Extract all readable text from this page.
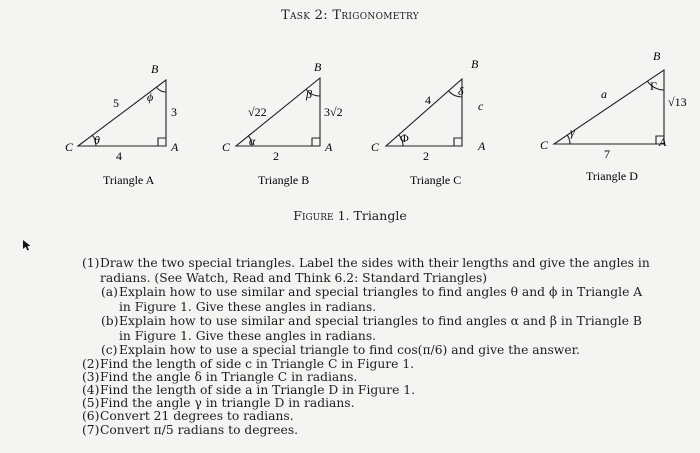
Task 2: Trigonometry
C	A
B
4
3
5
θ
ϕ
Triangle A
C	A
B
2
3√2
√22
α
β
Triangle B
C	A
B
2
c
4
Φ
δ
Triangle C
C	A
B
7
√13
a
γ
Γ
Triangle D
Figure 1. Triangle
(1) Draw the two special triangles. Label the sides with their lengths and give the angles in radians. (See Watch, Read and Think 6.2: Standard Triangles)
(a) Explain how to use similar and special triangles to find angles θ and ϕ in Triangle A in Figure 1. Give these angles in radians.
(b) Explain how to use similar and special triangles to find angles α and β in Triangle B in Figure 1. Give these angles in radians.
(c) Explain how to use a special triangle to find cos(π/6) and give the answer.
(2) Find the length of side c in Triangle C in Figure 1.
(3) Find the angle δ in Triangle C in radians.
(4) Find the length of side a in Triangle D in Figure 1.
(5) Find the angle γ in triangle D in radians.
(6) Convert 21 degrees to radians.
(7) Convert π/5 radians to degrees.
